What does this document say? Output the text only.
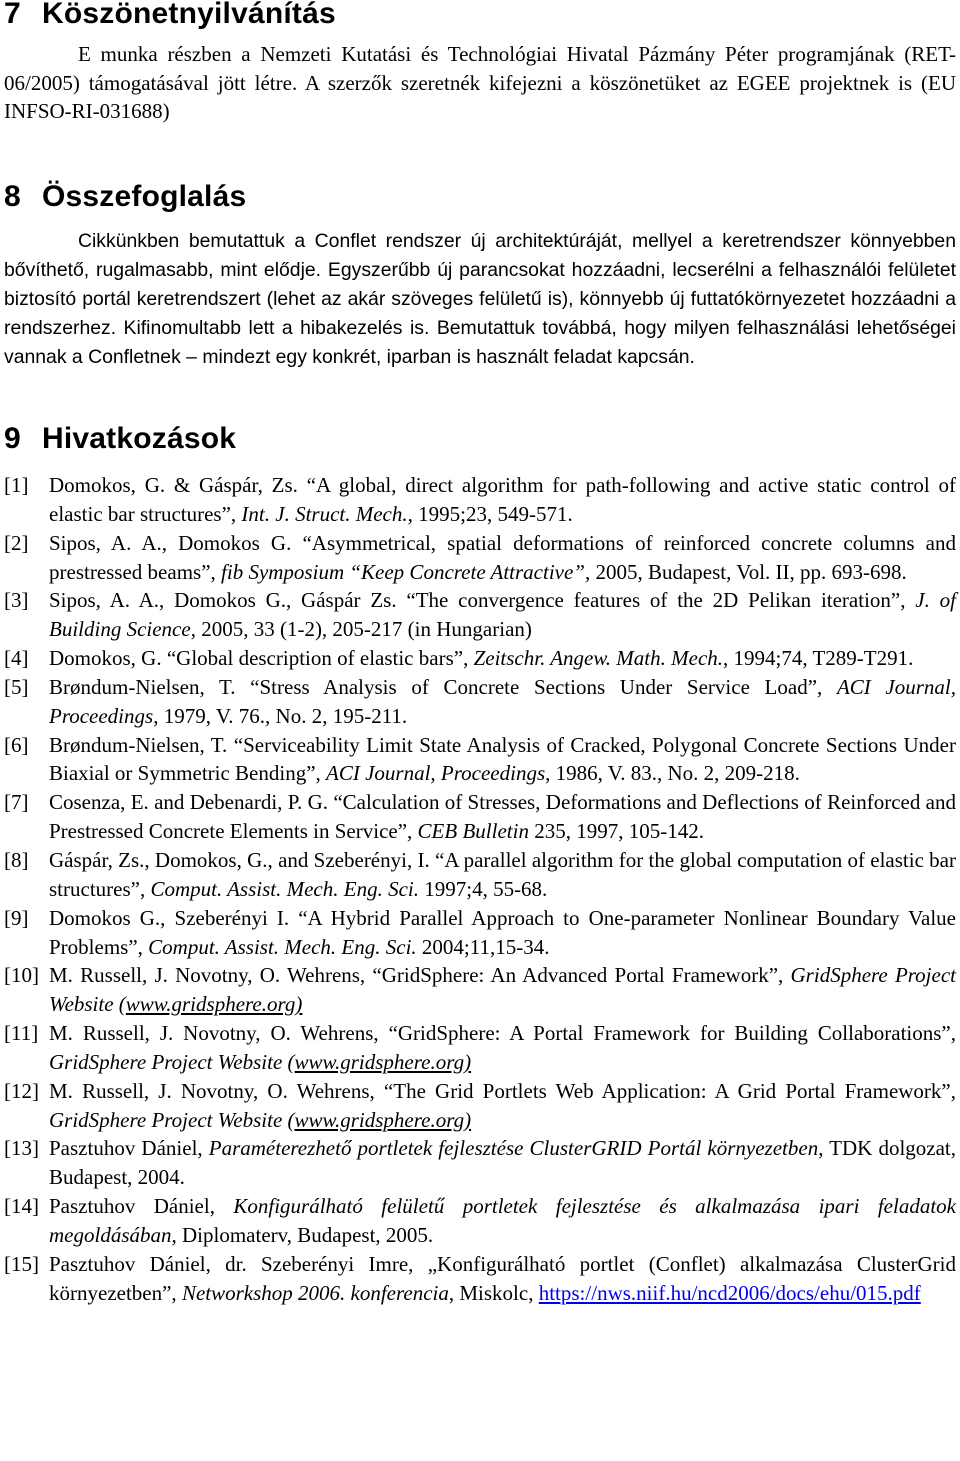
7 Köszönetnyilvánítás

E munka részben a Nemzeti Kutatási és Technológiai Hivatal Pázmány Péter programjának (RET-06/2005) támogatásával jött létre. A szerzők szeretnék kifejezni a köszönetüket az EGEE projektnek is (EU INFSO-RI-031688)

8 Összefoglalás

Cikkünkben bemutattuk a Conflet rendszer új architektúráját, mellyel a keretrendszer könnyebben bővíthető, rugalmasabb, mint elődje. Egyszerűbb új parancsokat hozzáadni, lecserélni a felhasználói felületet biztosító portál keretrendszert (lehet az akár szöveges felületű is), könnyebb új futtatókörnyezetet hozzáadni a rendszerhez. Kifinomultabb lett a hibakezelés is. Bemutattuk továbbá, hogy milyen felhasználási lehetőségei vannak a Confletnek – mindezt egy konkrét, iparban is használt feladat kapcsán.

9 Hivatkozások
[1] Domokos, G. & Gáspár, Zs. “A global, direct algorithm for path-following and active static control of elastic bar structures”, Int. J. Struct. Mech., 1995;23, 549-571.
[2] Sipos, A. A., Domokos G. “Asymmetrical, spatial deformations of reinforced concrete columns and prestressed beams”, fib Symposium “Keep Concrete Attractive”, 2005, Budapest, Vol. II, pp. 693-698.
[3] Sipos, A. A., Domokos G., Gáspár Zs. “The convergence features of the 2D Pelikan iteration”, J. of Building Science, 2005, 33 (1-2), 205-217 (in Hungarian)
[4] Domokos, G. “Global description of elastic bars”, Zeitschr. Angew. Math. Mech., 1994;74, T289-T291.
[5] Brøndum-Nielsen, T. “Stress Analysis of Concrete Sections Under Service Load”, ACI Journal, Proceedings, 1979, V. 76., No. 2, 195-211.
[6] Brøndum-Nielsen, T. “Serviceability Limit State Analysis of Cracked, Polygonal Concrete Sections Under Biaxial or Symmetric Bending”, ACI Journal, Proceedings, 1986, V. 83., No. 2, 209-218.
[7] Cosenza, E. and Debenardi, P. G. “Calculation of Stresses, Deformations and Deflections of Reinforced and Prestressed Concrete Elements in Service”, CEB Bulletin 235, 1997, 105-142.
[8] Gáspár, Zs., Domokos, G., and Szeberényi, I. “A parallel algorithm for the global computation of elastic bar structures”, Comput. Assist. Mech. Eng. Sci. 1997;4, 55-68.
[9] Domokos G., Szeberényi I. “A Hybrid Parallel Approach to One-parameter Nonlinear Boundary Value Problems”, Comput. Assist. Mech. Eng. Sci. 2004;11,15-34.
[10] M. Russell, J. Novotny, O. Wehrens, “GridSphere: An Advanced Portal Framework”, GridSphere Project Website (www.gridsphere.org)
[11] M. Russell, J. Novotny, O. Wehrens, “GridSphere: A Portal Framework for Building Collaborations”, GridSphere Project Website (www.gridsphere.org)
[12] M. Russell, J. Novotny, O. Wehrens, “The Grid Portlets Web Application: A Grid Portal Framework”, GridSphere Project Website (www.gridsphere.org)
[13] Pasztuhov Dániel, Paraméterezhető portletek fejlesztése ClusterGRID Portál környezetben, TDK dolgozat, Budapest, 2004.
[14] Pasztuhov Dániel, Konfigurálható felületű portletek fejlesztése és alkalmazása ipari feladatok megoldásában, Diplomaterv, Budapest, 2005.
[15] Pasztuhov Dániel, dr. Szeberényi Imre, „Konfigurálható portlet (Conflet) alkalmazása ClusterGrid környezetben”, Networkshop 2006. konferencia, Miskolc, https://nws.niif.hu/ncd2006/docs/ehu/015.pdf
